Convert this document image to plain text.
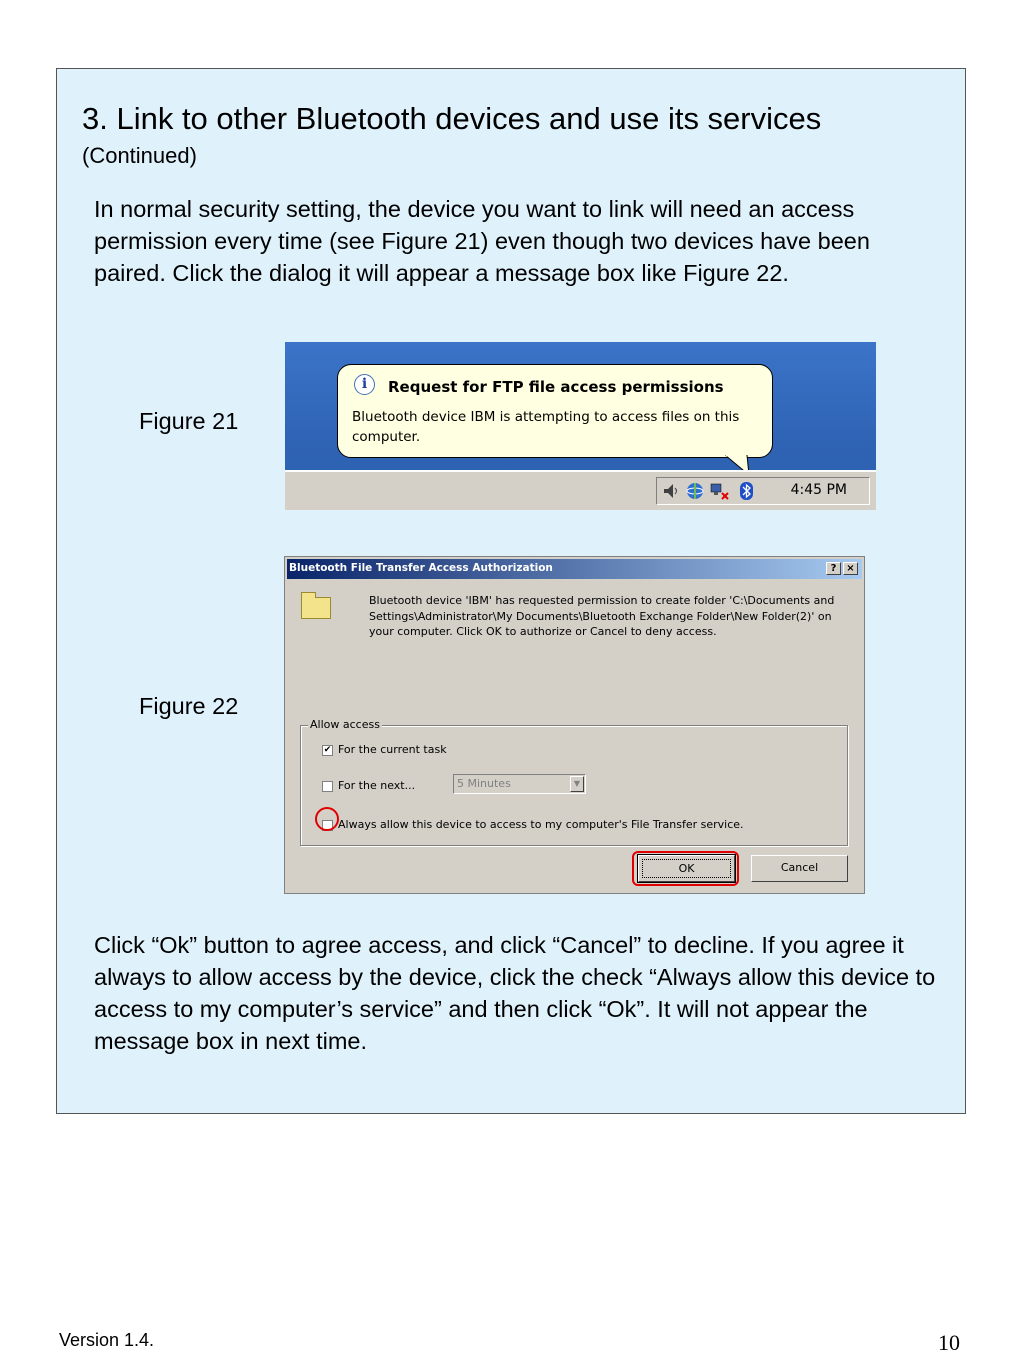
3. Link to other Bluetooth devices and use its services
(Continued)

In normal security setting, the device you want to link will need an access permission every time (see Figure 21) even though two devices have been paired. Click the dialog it will appear a message box like Figure 22.

Figure 21
i	Request for FTP file access permissions
Bluetooth device IBM is attempting to access files on this computer.
4:45 PM
Figure 22
Bluetooth File Transfer Access Authorization	? ×
Bluetooth device 'IBM' has requested permission to create folder 'C:\Documents and Settings\Administrator\My Documents\Bluetooth Exchange Folder\New Folder(2)' on your computer. Click OK to authorize or Cancel to deny access.
Allow access
✔ For the current task
For the next...	5 Minutes	▼
Always allow this device to access to my computer's File Transfer service.
OK	Cancel

Click “Ok” button to agree access, and click “Cancel” to decline. If you agree it always to allow access by the device, click the check “Always allow this device to access to my computer’s service” and then click “Ok”. It will not appear the message box in next time.

Version 1.4.	10
